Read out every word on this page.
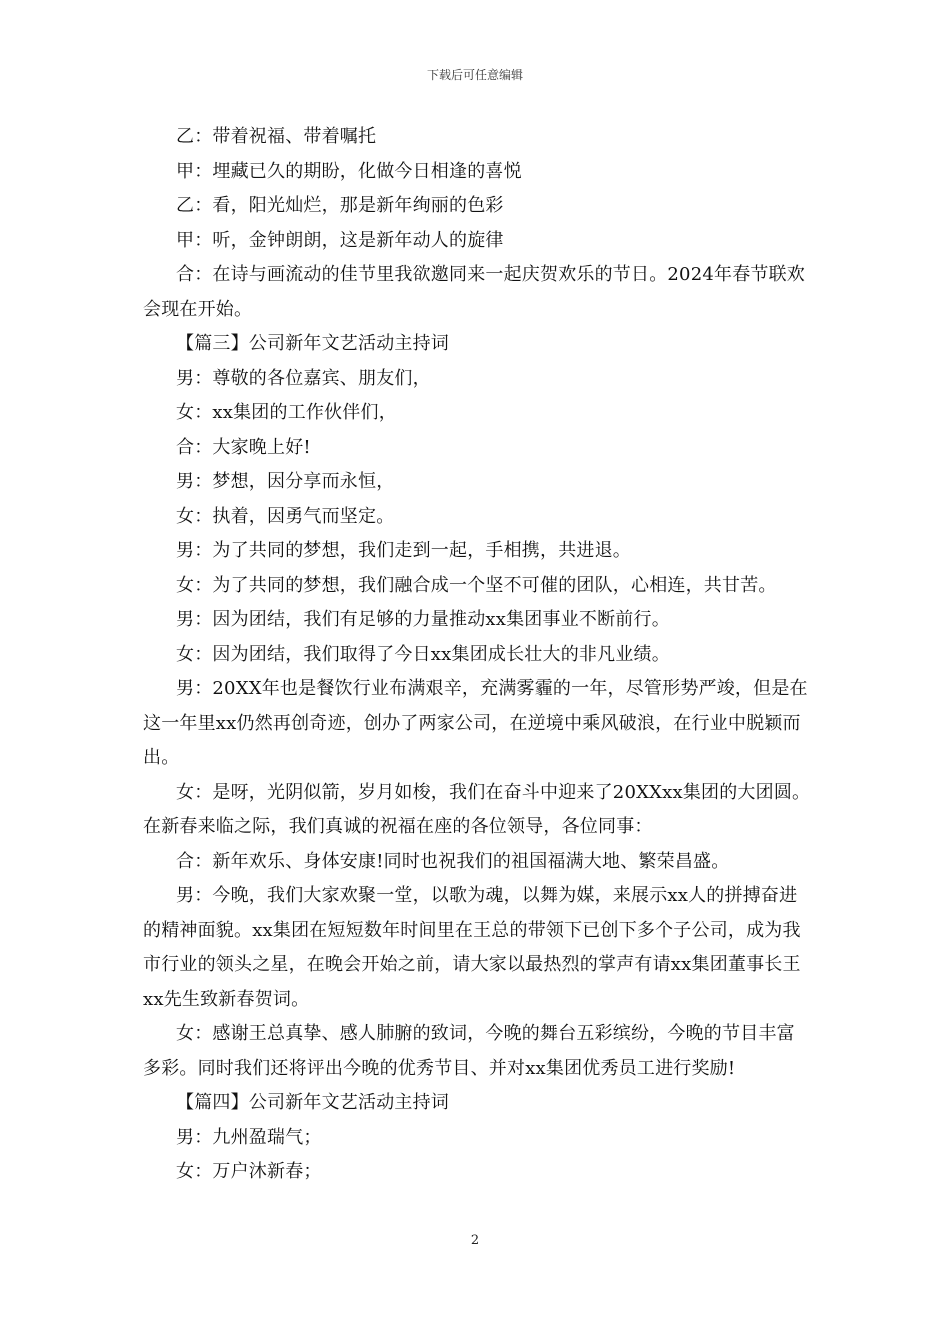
下载后可任意编辑

乙：带着祝福、带着嘱托

甲：埋藏已久的期盼，化做今日相逢的喜悦

乙：看，阳光灿烂，那是新年绚丽的色彩

甲：听，金钟朗朗，这是新年动人的旋律

合：在诗与画流动的佳节里我欲邀同来一起庆贺欢乐的节日。2024年春节联欢会现在开始。

【篇三】公司新年文艺活动主持词

男：尊敬的各位嘉宾、朋友们，

女：xx集团的工作伙伴们，

合：大家晚上好!

男：梦想，因分享而永恒，

女：执着，因勇气而坚定。

男：为了共同的梦想，我们走到一起，手相携，共进退。

女：为了共同的梦想，我们融合成一个坚不可催的团队，心相连，共甘苦。

男：因为团结，我们有足够的力量推动xx集团事业不断前行。

女：因为团结，我们取得了今日xx集团成长壮大的非凡业绩。

男：20XX年也是餐饮行业布满艰辛，充满雾霾的一年，尽管形势严竣，但是在这一年里xx仍然再创奇迹，创办了两家公司，在逆境中乘风破浪，在行业中脱颖而出。

女：是呀，光阴似箭，岁月如梭，我们在奋斗中迎来了20XXxx集团的大团圆。在新春来临之际，我们真诚的祝福在座的各位领导，各位同事：

合：新年欢乐、身体安康!同时也祝我们的祖国福满大地、繁荣昌盛。

男：今晚，我们大家欢聚一堂，以歌为魂，以舞为媒，来展示xx人的拼搏奋进的精神面貌。xx集团在短短数年时间里在王总的带领下已创下多个子公司，成为我市行业的领头之星，在晚会开始之前，请大家以最热烈的掌声有请xx集团董事长王xx先生致新春贺词。

女：感谢王总真挚、感人肺腑的致词，今晚的舞台五彩缤纷，今晚的节目丰富多彩。同时我们还将评出今晚的优秀节目、并对xx集团优秀员工进行奖励!

【篇四】公司新年文艺活动主持词

男：九州盈瑞气；

女：万户沐新春；

2
